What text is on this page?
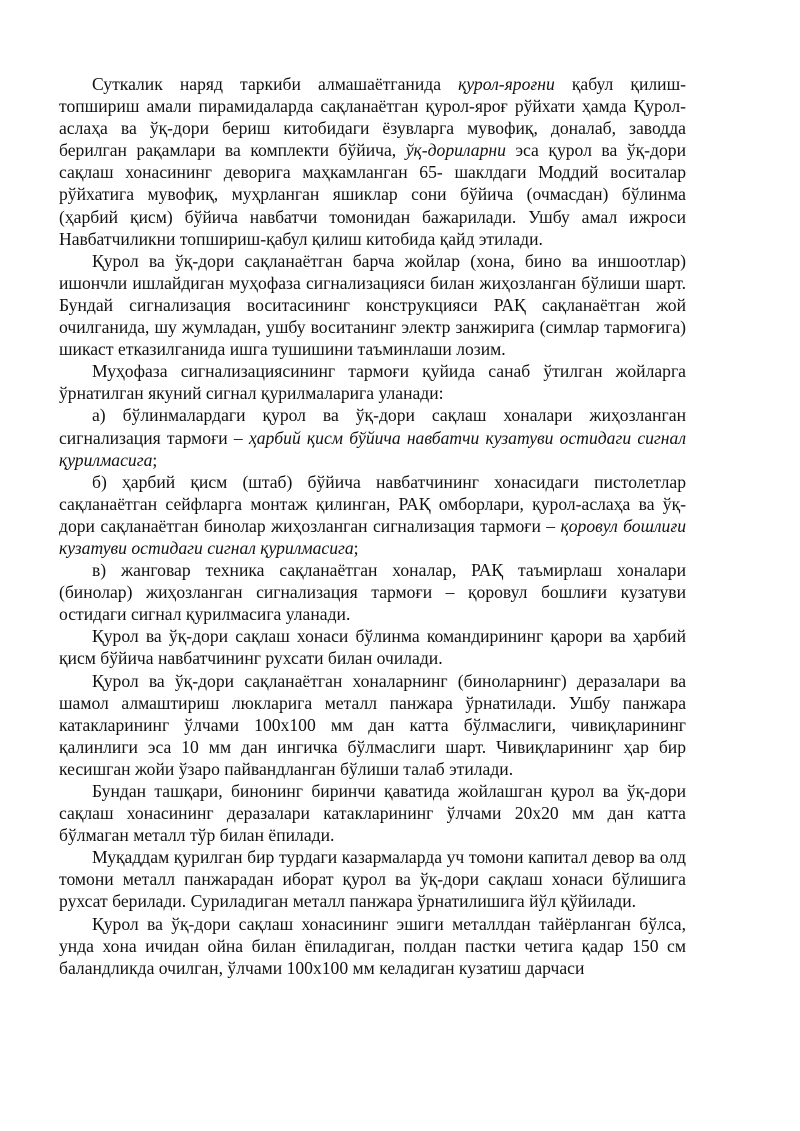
Суткалик наряд таркиби алмашаётганида қурол-яроғни қабул қилиш-топшириш амали пирамидаларда сақланаётган қурол-яроғ рўйхати ҳамда Қурол-аслаҳа ва ўқ-дори бериш китобидаги ёзувларга мувофиқ, доналаб, заводда берилган рақамлари ва комплекти бўйича, ўқ-дориларни эса қурол ва ўқ-дори сақлаш хонасининг деворига маҳкамланган 65- шаклдаги Моддий воситалар рўйхатига мувофиқ, муҳрланган яшиклар сони бўйича (очмасдан) бўлинма (ҳарбий қисм) бўйича навбатчи томонидан бажарилади. Ушбу амал ижроси Навбатчиликни топшириш-қабул қилиш китобида қайд этилади.

Қурол ва ўқ-дори сақланаётган барча жойлар (хона, бино ва иншоотлар) ишончли ишлайдиган муҳофаза сигнализацияси билан жиҳозланган бўлиши шарт. Бундай сигнализация воситасининг конструкцияси РАҚ сақланаётган жой очилганида, шу жумладан, ушбу воситанинг электр занжирига (симлар тармоғига) шикаст етказилганида ишга тушишини таъминлаши лозим.

Муҳофаза сигнализациясининг тармоғи қуйида санаб ўтилган жойларга ўрнатилган якуний сигнал қурилмаларига уланади:

а) бўлинмалардаги қурол ва ўқ-дори сақлаш хоналари жиҳозланган сигнализация тармоғи – ҳарбий қисм бўйича навбатчи кузатуви остидаги сигнал қурилмасига;

б) ҳарбий қисм (штаб) бўйича навбатчининг хонасидаги пистолетлар сақланаётган сейфларга монтаж қилинган, РАҚ омборлари, қурол-аслаҳа ва ўқ-дори сақланаётган бинолар жиҳозланган сигнализация тармоғи – қоровул бошлиғи кузатуви остидаги сигнал қурилмасига;

в) жанговар техника сақланаётган хоналар, РАҚ таъмирлаш хоналари (бинолар) жиҳозланган сигнализация тармоғи – қоровул бошлиғи кузатуви остидаги сигнал қурилмасига уланади.

Қурол ва ўқ-дори сақлаш хонаси бўлинма командирининг қарори ва ҳарбий қисм бўйича навбатчининг рухсати билан очилади.

Қурол ва ўқ-дори сақланаётган хоналарнинг (биноларнинг) деразалари ва шамол алмаштириш люкларига металл панжара ўрнатилади. Ушбу панжара катакларининг ўлчами 100х100 мм дан катта бўлмаслиги, чивиқларининг қалинлиги эса 10 мм дан ингичка бўлмаслиги шарт. Чивиқларининг ҳар бир кесишган жойи ўзаро пайвандланган бўлиши талаб этилади.

Бундан ташқари, бинонинг биринчи қаватида жойлашган қурол ва ўқ-дори сақлаш хонасининг деразалари катакларининг ўлчами 20х20 мм дан катта бўлмаган металл тўр билан ёпилади.

Муқаддам қурилган бир турдаги казармаларда уч томони капитал девор ва олд томони металл панжарадан иборат қурол ва ўқ-дори сақлаш хонаси бўлишига рухсат берилади. Суриладиган металл панжара ўрнатилишига йўл қўйилади.

Қурол ва ўқ-дори сақлаш хонасининг эшиги металлдан тайёрланган бўлса, унда хона ичидан ойна билан ёпиладиган, полдан пастки четига қадар 150 см баландликда очилган, ўлчами 100х100 мм келадиган кузатиш дарчаси
